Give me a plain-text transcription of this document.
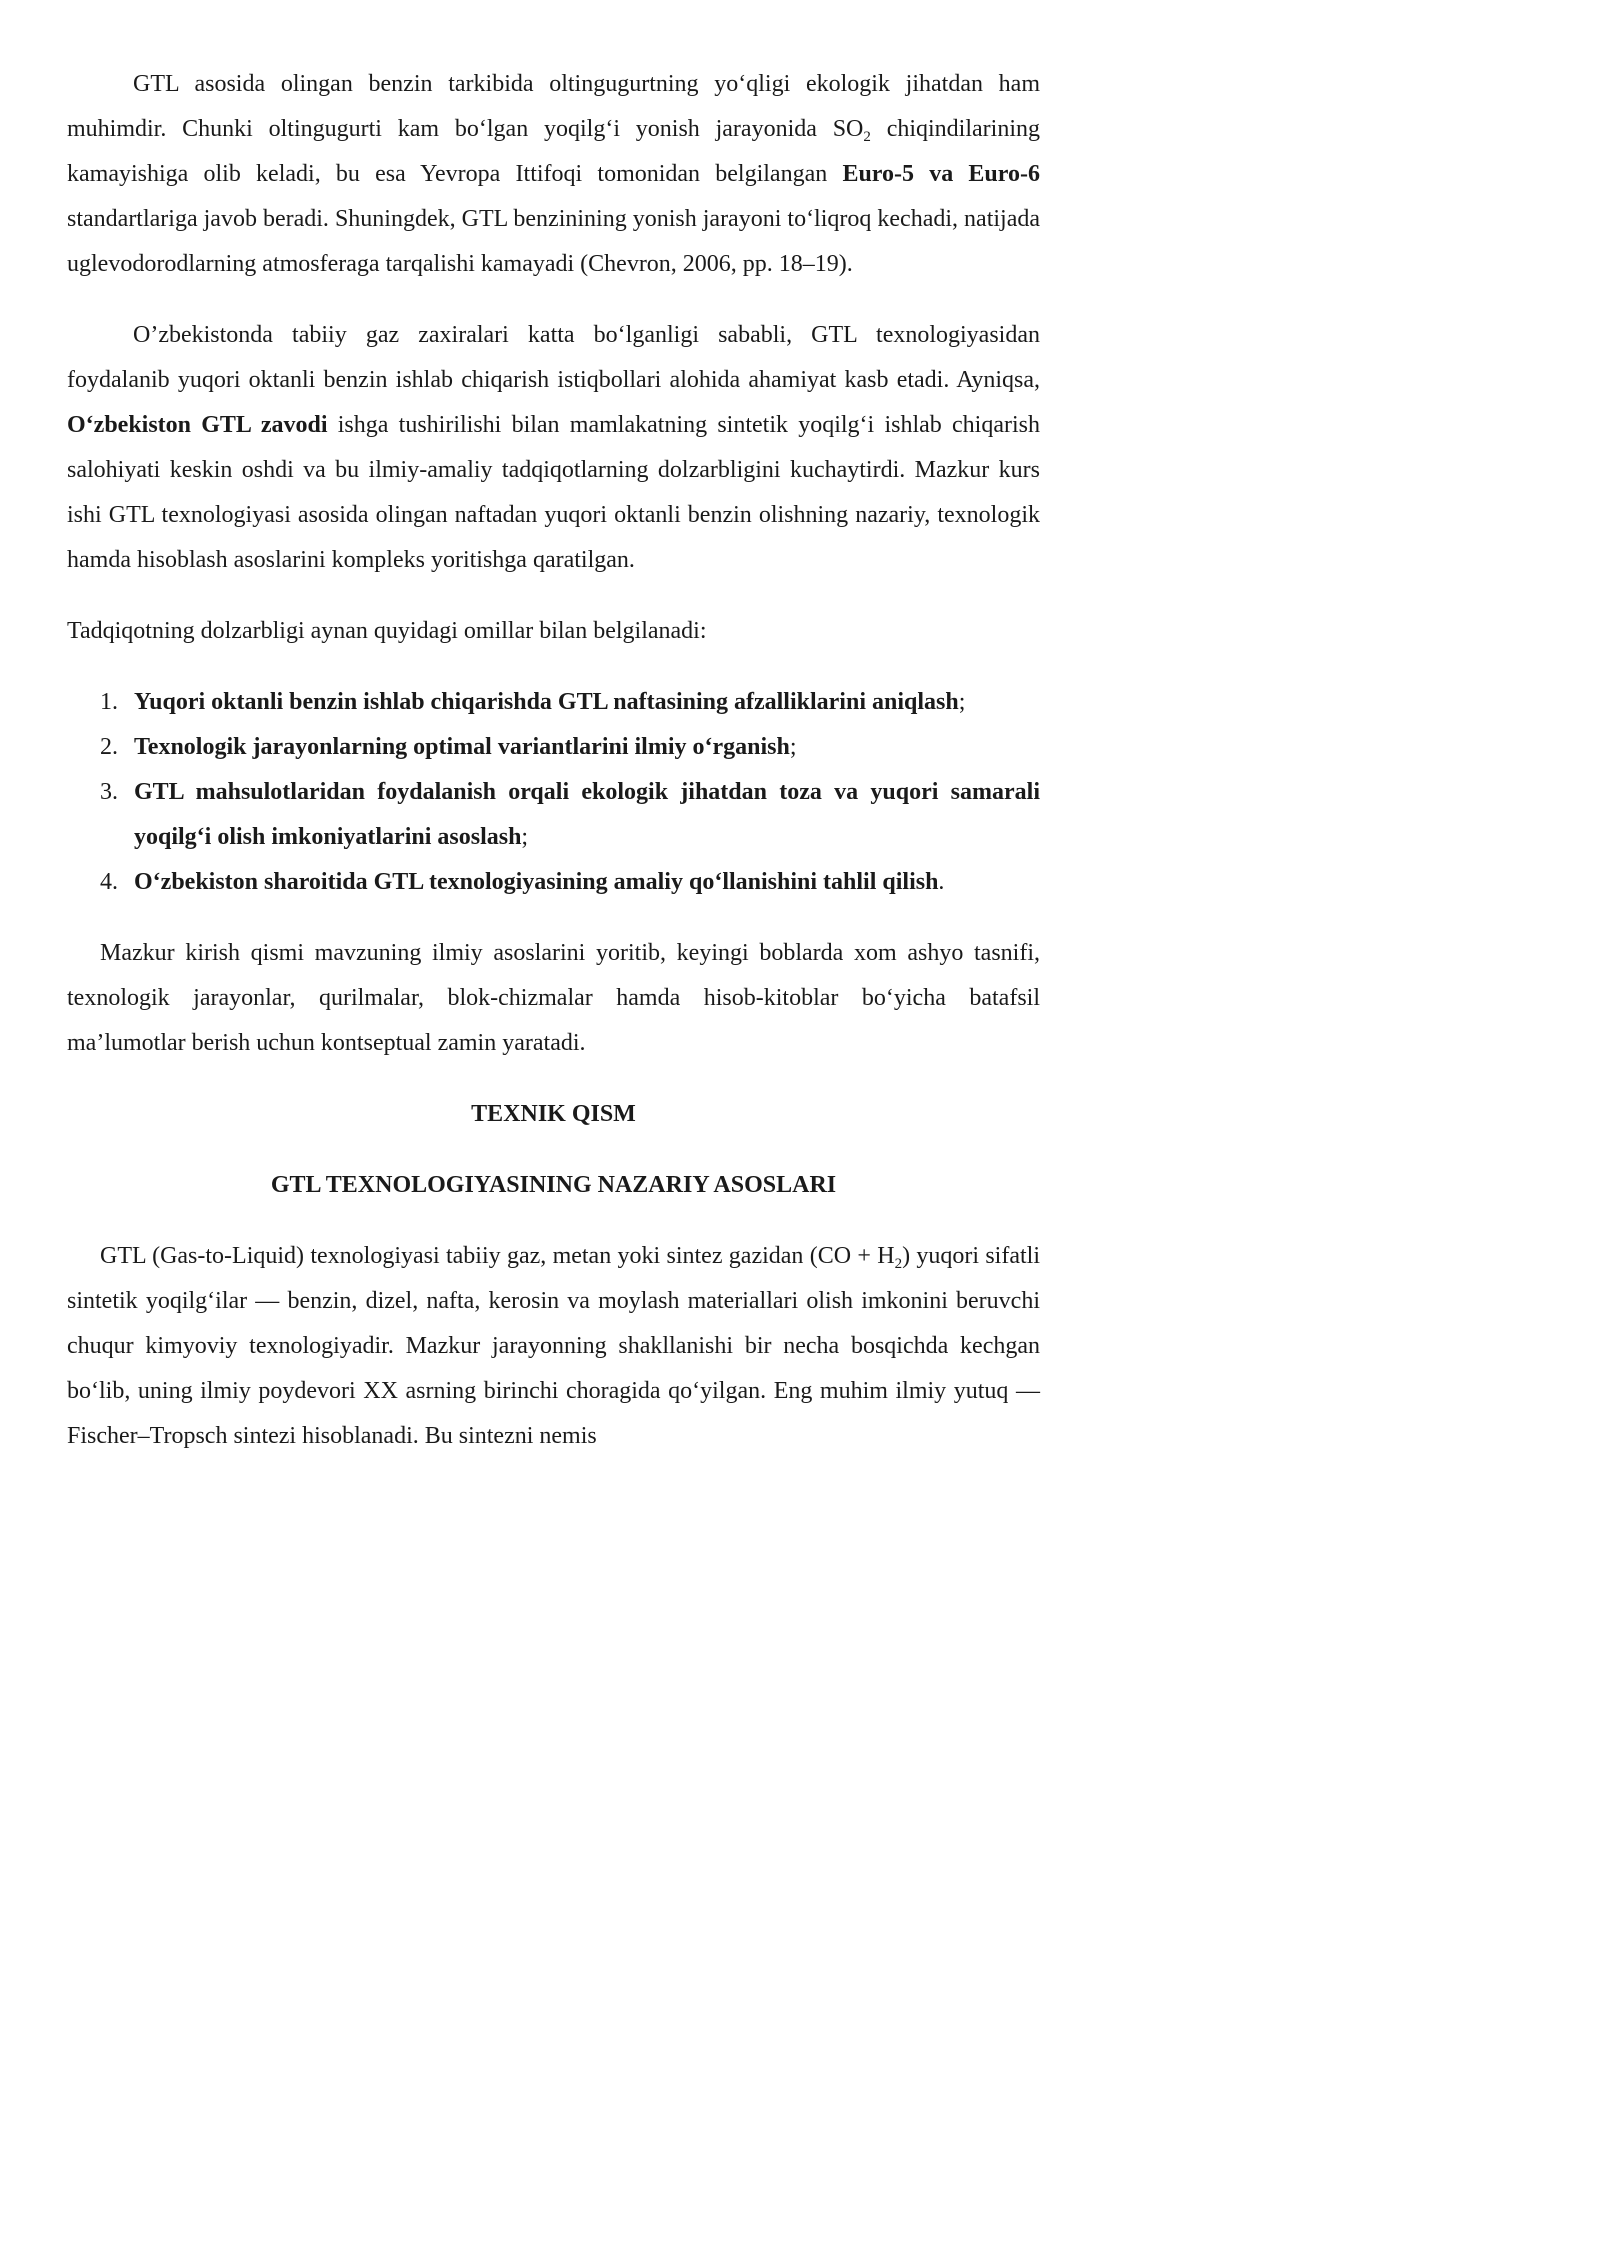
GTL asosida olingan benzin tarkibida oltingugurtning yo‘qligi ekologik jihatdan ham muhimdir. Chunki oltingugurti kam bo‘lgan yoqilg‘i yonish jarayonida $SO_2$ chiqindilarining kamayishiga olib keladi, bu esa Yevropa Ittifoqi tomonidan belgilangan Euro-5 va Euro-6 standartlariga javob beradi. Shuningdek, GTL benzinining yonish jarayoni to‘liqroq kechadi, natijada uglevodorodlarning atmosferaga tarqalishi kamayadi (Chevron, 2006, pp. 18–19).

O’zbekistonda tabiiy gaz zaxiralari katta bo‘lganligi sababli, GTL texnologiyasidan foydalanib yuqori oktanli benzin ishlab chiqarish istiqbollari alohida ahamiyat kasb etadi. Ayniqsa, O‘zbekiston GTL zavodi ishga tushirilishi bilan mamlakatning sintetik yoqilg‘i ishlab chiqarish salohiyati keskin oshdi va bu ilmiy-amaliy tadqiqotlarning dolzarbligini kuchaytirdi. Mazkur kurs ishi GTL texnologiyasi asosida olingan naftadan yuqori oktanli benzin olishning nazariy, texnologik hamda hisoblash asoslarini kompleks yoritishga qaratilgan.

Tadqiqotning dolzarbligi aynan quyidagi omillar bilan belgilanadi:

1. Yuqori oktanli benzin ishlab chiqarishda GTL naftasining afzalliklarini aniqlash;
2. Texnologik jarayonlarning optimal variantlarini ilmiy o‘rganish;
3. GTL mahsulotlaridan foydalanish orqali ekologik jihatdan toza va yuqori samarali yoqilg‘i olish imkoniyatlarini asoslash;
4. O‘zbekiston sharoitida GTL texnologiyasining amaliy qo‘llanishini tahlil qilish.

Mazkur kirish qismi mavzuning ilmiy asoslarini yoritib, keyingi boblarda xom ashyo tasnifi, texnologik jarayonlar, qurilmalar, blok-chizmalar hamda hisob-kitoblar bo‘yicha batafsil ma’lumotlar berish uchun kontseptual zamin yaratadi.

TEXNIK QISM

GTL TEXNOLOGIYASINING NAZARIY ASOSLARI

GTL (Gas-to-Liquid) texnologiyasi tabiiy gaz, metan yoki sintez gazidan $(CO + H_2)$ yuqori sifatli sintetik yoqilg‘ilar — benzin, dizel, nafta, kerosin va moylash materiallari olish imkonini beruvchi chuqur kimyoviy texnologiyadir. Mazkur jarayonning shakllanishi bir necha bosqichda kechgan bo‘lib, uning ilmiy poydevori XX asrning birinchi choragida qo‘yilgan. Eng muhim ilmiy yutuq — Fischer–Tropsch sintezi hisoblanadi. Bu sintezni nemis
